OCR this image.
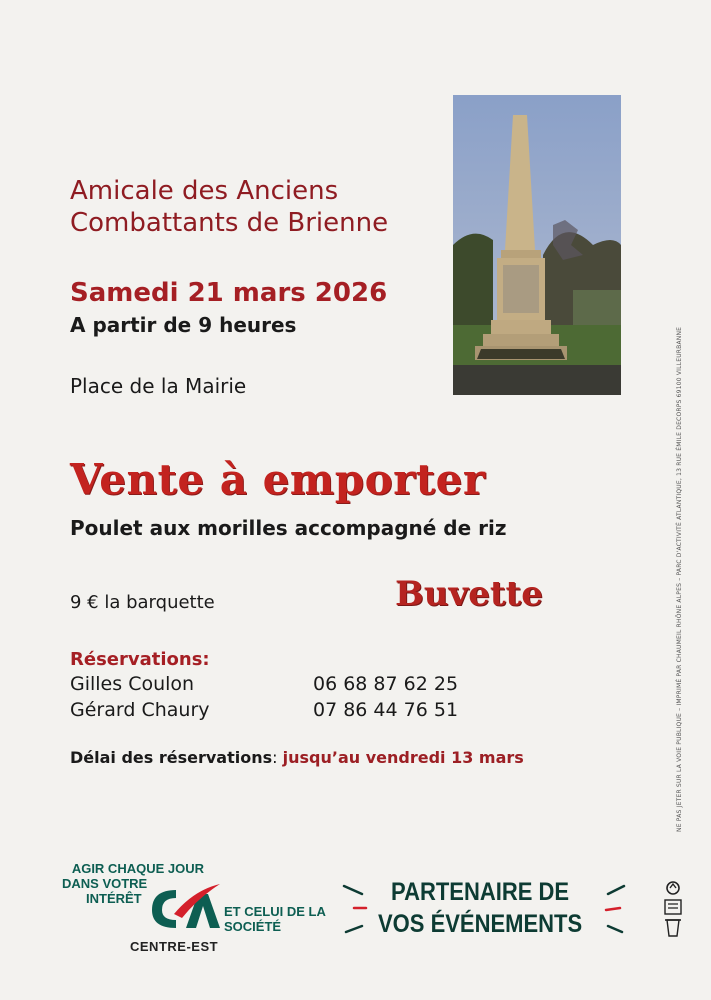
Amicale des Anciens
Combattants de Brienne
Samedi 21 mars 2026
A partir de 9 heures
Place de la Mairie
Vente à emporter
Poulet aux morilles accompagné de riz
9 € la barquette	Buvette
Réservations:
Gilles Coulon	06 68 87 62 25
Gérard Chaury	07 86 44 76 51
Délai des réservations: jusqu’au vendredi 13 mars	NE PAS JETER SUR LA VOIE PUBLIQUE – IMPRIMÉ PAR CHAUMEIL RHÔNE ALPES – PARC D'ACTIVITÉ ATLANTIQUE, 13 RUE ÉMILE DECORPS 69100 VILLEURBANNE
AGIR CHAQUE JOUR
DANS VOTRE
INTÉRÊT
ET CELUI DE LA
SOCIÉTÉ
CENTRE-EST
PARTENAIRE DE
VOS ÉVÉNEMENTS
